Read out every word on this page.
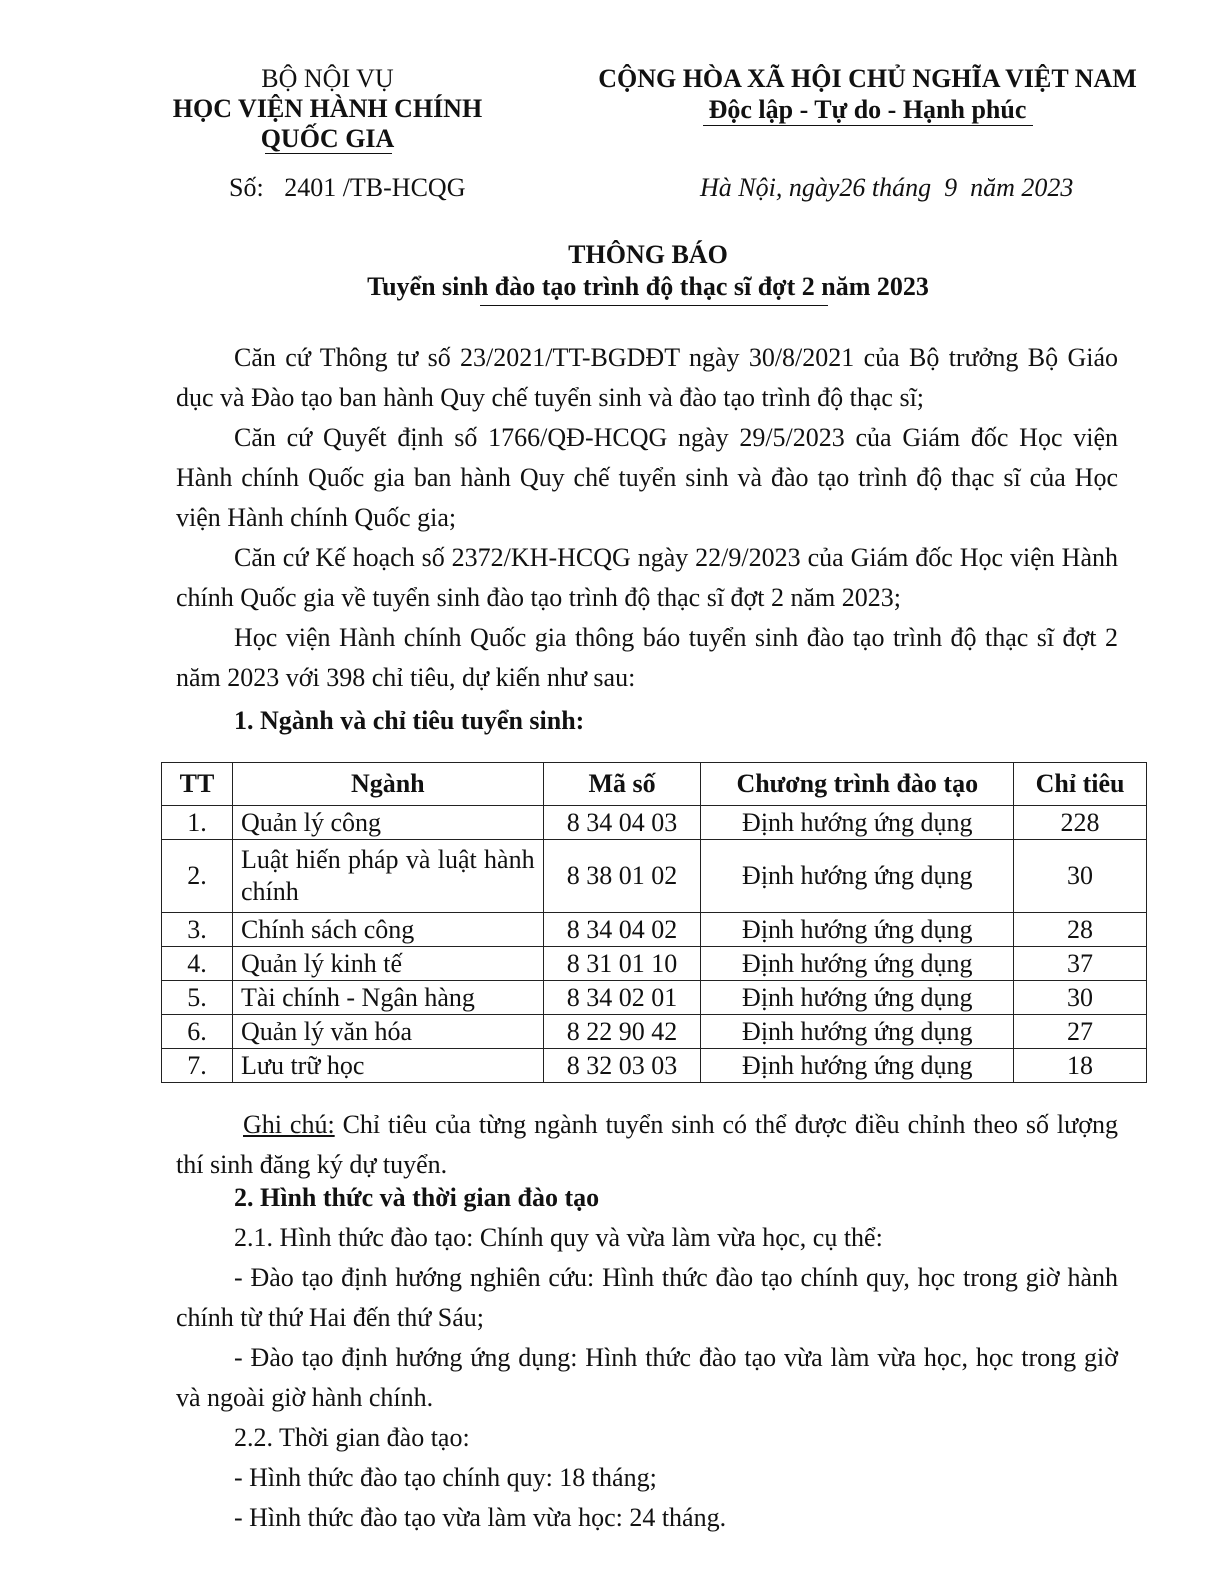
BỘ NỘI VỤ
HỌC VIỆN HÀNH CHÍNH
QUỐC GIA
Số: 2401 /TB-HCQG
CỘNG HÒA XÃ HỘI CHỦ NGHĨA VIỆT NAM
Độc lập - Tự do - Hạnh phúc
Hà Nội, ngày26 tháng  9  năm 2023
THÔNG BÁO
Tuyển sinh đào tạo trình độ thạc sĩ đợt 2 năm 2023

Căn cứ Thông tư số 23/2021/TT-BGDĐT ngày 30/8/2021 của Bộ trưởng Bộ Giáo dục và Đào tạo ban hành Quy chế tuyển sinh và đào tạo trình độ thạc sĩ;

Căn cứ Quyết định số 1766/QĐ-HCQG ngày 29/5/2023 của Giám đốc Học viện Hành chính Quốc gia ban hành Quy chế tuyển sinh và đào tạo trình độ thạc sĩ của Học viện Hành chính Quốc gia;

Căn cứ Kế hoạch số 2372/KH-HCQG ngày 22/9/2023 của Giám đốc Học viện Hành chính Quốc gia về tuyển sinh đào tạo trình độ thạc sĩ đợt 2 năm 2023;

Học viện Hành chính Quốc gia thông báo tuyển sinh đào tạo trình độ thạc sĩ đợt 2 năm 2023 với 398 chỉ tiêu, dự kiến như sau:

1. Ngành và chỉ tiêu tuyển sinh:
TT	Ngành	Mã số	Chương trình đào tạo	Chỉ tiêu
1.	Quản lý công	8 34 04 03	Định hướng ứng dụng	228
2.	Luật hiến pháp và luật hành chính	8 38 01 02	Định hướng ứng dụng	30
3.	Chính sách công	8 34 04 02	Định hướng ứng dụng	28
4.	Quản lý kinh tế	8 31 01 10	Định hướng ứng dụng	37
5.	Tài chính - Ngân hàng	8 34 02 01	Định hướng ứng dụng	30
6.	Quản lý văn hóa	8 22 90 42	Định hướng ứng dụng	27
7.	Lưu trữ học	8 32 03 03	Định hướng ứng dụng	18

Ghi chú: Chỉ tiêu của từng ngành tuyển sinh có thể được điều chỉnh theo số lượng thí sinh đăng ký dự tuyển.

2. Hình thức và thời gian đào tạo
2.1. Hình thức đào tạo: Chính quy và vừa làm vừa học, cụ thể:

- Đào tạo định hướng nghiên cứu: Hình thức đào tạo chính quy, học trong giờ hành chính từ thứ Hai đến thứ Sáu;

- Đào tạo định hướng ứng dụng: Hình thức đào tạo vừa làm vừa học, học trong giờ và ngoài giờ hành chính.

2.2. Thời gian đào tạo:
- Hình thức đào tạo chính quy: 18 tháng;
- Hình thức đào tạo vừa làm vừa học: 24 tháng.
